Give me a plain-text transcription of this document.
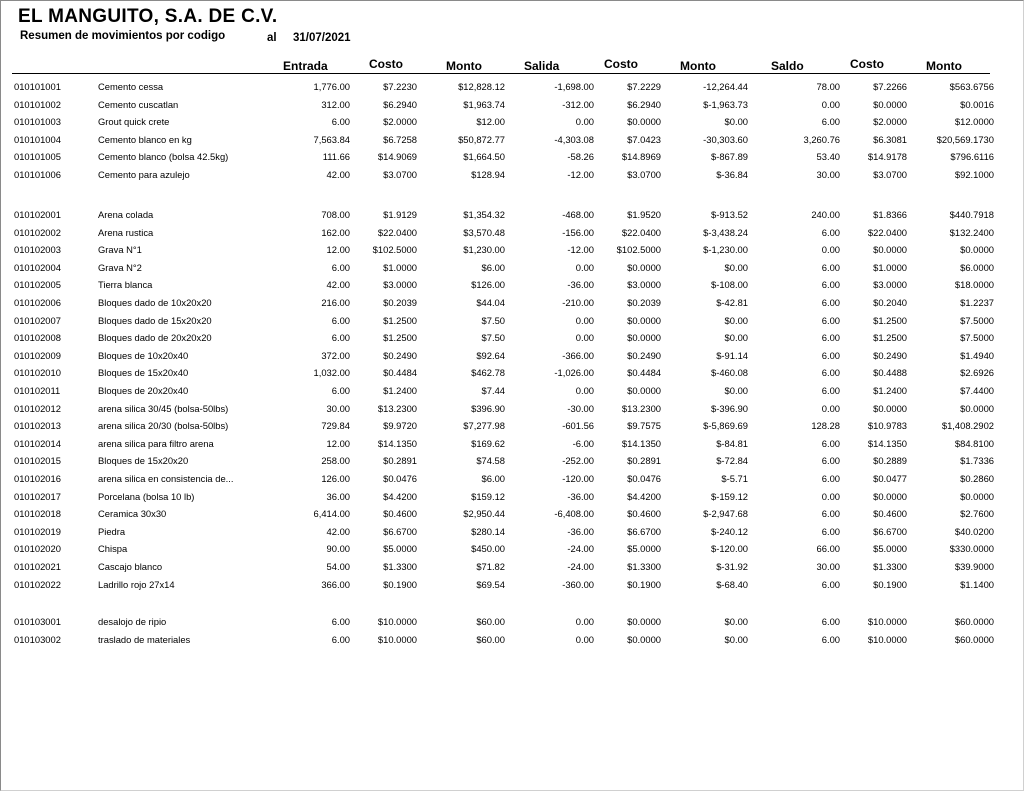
EL MANGUITO, S.A. DE C.V.
Resumen de movimientos por codigo	al 31/07/2021
Entrada	Costo	Monto	Salida	Costo	Monto	Saldo	Costo	Monto
010101001	Cemento cessa	1,776.00	$7.2230	$12,828.12	-1,698.00	$7.2229	-12,264.44	78.00	$7.2266	$563.6756
010101002	Cemento cuscatlan	312.00	$6.2940	$1,963.74	-312.00	$6.2940	$-1,963.73	0.00	$0.0000	$0.0016
010101003	Grout quick crete	6.00	$2.0000	$12.00	0.00	$0.0000	$0.00	6.00	$2.0000	$12.0000
010101004	Cemento blanco en kg	7,563.84	$6.7258	$50,872.77	-4,303.08	$7.0423	-30,303.60	3,260.76	$6.3081	$20,569.1730
010101005	Cemento blanco (bolsa 42.5kg)	111.66	$14.9069	$1,664.50	-58.26	$14.8969	$-867.89	53.40	$14.9178	$796.6116
010101006	Cemento para azulejo	42.00	$3.0700	$128.94	-12.00	$3.0700	$-36.84	30.00	$3.0700	$92.1000
010102001	Arena colada	708.00	$1.9129	$1,354.32	-468.00	$1.9520	$-913.52	240.00	$1.8366	$440.7918
010102002	Arena rustica	162.00	$22.0400	$3,570.48	-156.00	$22.0400	$-3,438.24	6.00	$22.0400	$132.2400
010102003	Grava N°1	12.00 $102.5000	$1,230.00	-12.00 $102.5000	$-1,230.00	0.00	$0.0000	$0.0000
010102004	Grava N°2	6.00	$1.0000	$6.00	0.00	$0.0000	$0.00	6.00	$1.0000	$6.0000
010102005	Tierra blanca	42.00	$3.0000	$126.00	-36.00	$3.0000	$-108.00	6.00	$3.0000	$18.0000
010102006	Bloques dado de 10x20x20	216.00	$0.2039	$44.04	-210.00	$0.2039	$-42.81	6.00	$0.2040	$1.2237
010102007	Bloques dado de 15x20x20	6.00	$1.2500	$7.50	0.00	$0.0000	$0.00	6.00	$1.2500	$7.5000
010102008	Bloques dado de 20x20x20	6.00	$1.2500	$7.50	0.00	$0.0000	$0.00	6.00	$1.2500	$7.5000
010102009	Bloques de 10x20x40	372.00	$0.2490	$92.64	-366.00	$0.2490	$-91.14	6.00	$0.2490	$1.4940
010102010	Bloques de 15x20x40	1,032.00	$0.4484	$462.78	-1,026.00	$0.4484	$-460.08	6.00	$0.4488	$2.6926
010102011	Bloques de 20x20x40	6.00	$1.2400	$7.44	0.00	$0.0000	$0.00	6.00	$1.2400	$7.4400
010102012	arena silica 30/45 (bolsa-50lbs)	30.00	$13.2300	$396.90	-30.00	$13.2300	$-396.90	0.00	$0.0000	$0.0000
010102013	arena silica 20/30 (bolsa-50lbs)	729.84	$9.9720	$7,277.98	-601.56	$9.7575	$-5,869.69	128.28	$10.9783	$1,408.2902
010102014	arena silica para filtro arena	12.00	$14.1350	$169.62	-6.00	$14.1350	$-84.81	6.00	$14.1350	$84.8100
010102015	Bloques de 15x20x20	258.00	$0.2891	$74.58	-252.00	$0.2891	$-72.84	6.00	$0.2889	$1.7336
010102016	arena silica en consistencia de...	126.00	$0.0476	$6.00	-120.00	$0.0476	$-5.71	6.00	$0.0477	$0.2860
010102017	Porcelana (bolsa 10 lb)	36.00	$4.4200	$159.12	-36.00	$4.4200	$-159.12	0.00	$0.0000	$0.0000
010102018	Ceramica 30x30	6,414.00	$0.4600	$2,950.44	-6,408.00	$0.4600	$-2,947.68	6.00	$0.4600	$2.7600
010102019	Piedra	42.00	$6.6700	$280.14	-36.00	$6.6700	$-240.12	6.00	$6.6700	$40.0200
010102020	Chispa	90.00	$5.0000	$450.00	-24.00	$5.0000	$-120.00	66.00	$5.0000	$330.0000
010102021	Cascajo blanco	54.00	$1.3300	$71.82	-24.00	$1.3300	$-31.92	30.00	$1.3300	$39.9000
010102022	Ladrillo rojo 27x14	366.00	$0.1900	$69.54	-360.00	$0.1900	$-68.40	6.00	$0.1900	$1.1400
010103001	desalojo de ripio	6.00	$10.0000	$60.00	0.00	$0.0000	$0.00	6.00	$10.0000	$60.0000
010103002	traslado de materiales	6.00	$10.0000	$60.00	0.00	$0.0000	$0.00	6.00	$10.0000	$60.0000
